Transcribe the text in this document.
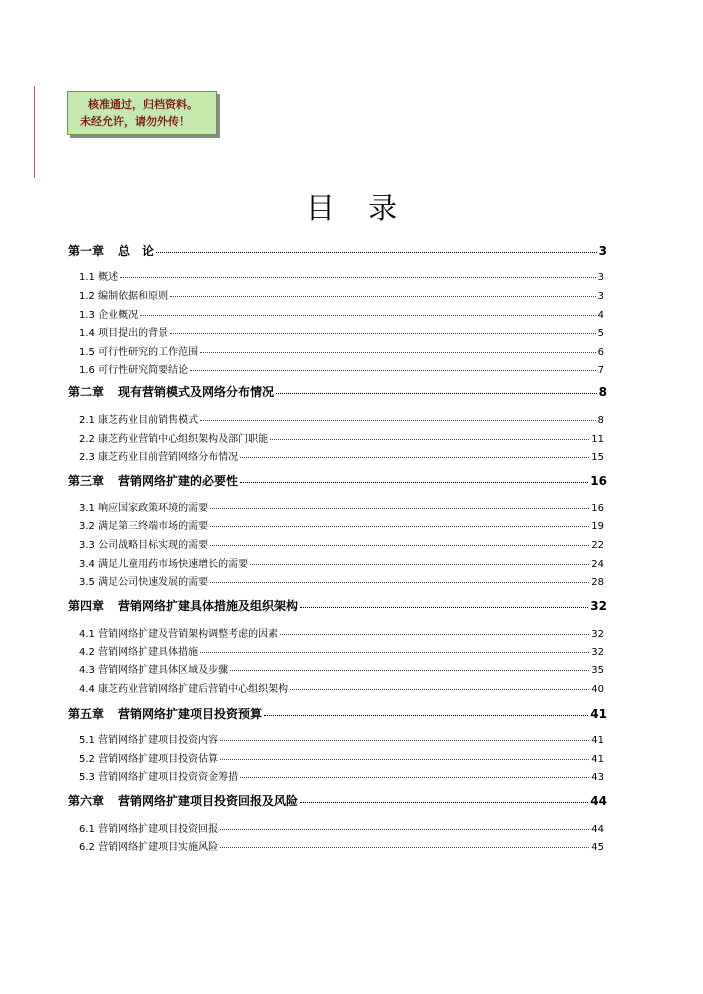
核准通过，归档资料。
未经允许，请勿外传！
目 录
第一章 总　论	3
1.1 概述	3
1.2 编制依据和原则	3
1.3 企业概况	4
1.4 项目提出的背景	5
1.5 可行性研究的工作范围	6
1.6 可行性研究简要结论	7
第二章 现有营销模式及网络分布情况	8
2.1 康芝药业目前销售模式	8
2.2 康芝药业营销中心组织架构及部门职能	11
2.3 康芝药业目前营销网络分布情况	15
第三章 营销网络扩建的必要性	16
3.1 响应国家政策环境的需要	16
3.2 满足第三终端市场的需要	19
3.3 公司战略目标实现的需要	22
3.4 满足儿童用药市场快速增长的需要	24
3.5 满足公司快速发展的需要	28
第四章 营销网络扩建具体措施及组织架构	32
4.1 营销网络扩建及营销架构调整考虑的因素	32
4.2 营销网络扩建具体措施	32
4.3 营销网络扩建具体区域及步骤	35
4.4 康芝药业营销网络扩建后营销中心组织架构	40
第五章 营销网络扩建项目投资预算	41
5.1 营销网络扩建项目投资内容	41
5.2 营销网络扩建项目投资估算	41
5.3 营销网络扩建项目投资资金筹措	43
第六章 营销网络扩建项目投资回报及风险	44
6.1 营销网络扩建项目投资回报	44
6.2 营销网络扩建项目实施风险	45
